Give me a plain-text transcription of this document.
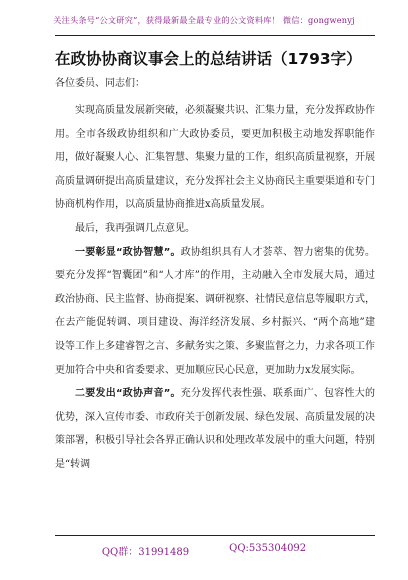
关注头条号“公文研究”，获得最新最全最专业的公文资料库！ 微信：gongwenyj
在政协协商议事会上的总结讲话（1793字）
各位委员、同志们：

实现高质量发展新突破，必须凝聚共识、汇集力量，充分发挥政协作用。全市各级政协组织和广大政协委员，要更加积极主动地发挥职能作用，做好凝聚人心、汇集智慧、集聚力量的工作，组织高质量视察，开展高质量调研提出高质量建议，充分发挥社会主义协商民主重要渠道和专门协商机构作用，以高质量协商推进x高质量发展。

最后，我再强调几点意见。

一要彰显“政协智慧”。政协组织具有人才荟萃、智力密集的优势。要充分发挥“智囊团”和“人才库”的作用，主动融入全市发展大局，通过政治协商、民主监督、协商提案、调研视察、社情民意信息等履职方式，在去产能促转调、项目建设、海洋经济发展、乡村振兴、“两个高地”建设等工作上多建睿智之言、多献务实之策、多聚监督之力，力求各项工作更加符合中央和省委要求、更加顺应民心民意，更加助力x发展实际。

二要发出“政协声音”。充分发挥代表性强、联系面广、包容性大的优势，深入宣传市委、市政府关于创新发展、绿色发展、高质量发展的决策部署，积极引导社会各界正确认识和处理改革发展中的重大问题，特别是“转调

QQ群：31991489	QQ:535304092
